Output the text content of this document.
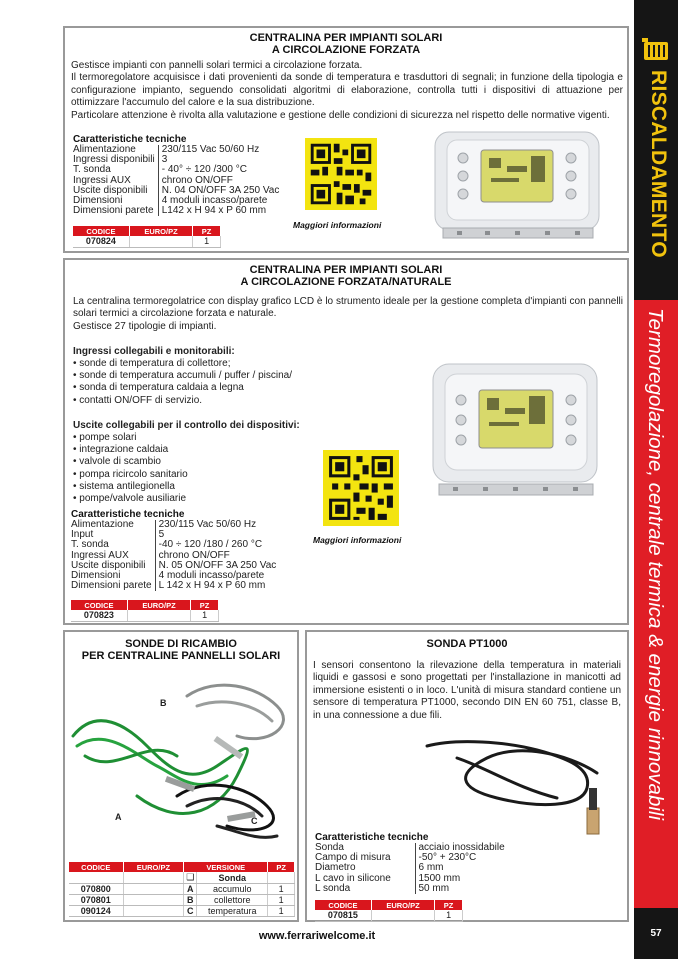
CENTRALINA PER IMPIANTI SOLARI
A CIRCOLAZIONE FORZATA
Gestisce impianti con pannelli solari termici a circolazione forzata.
Il termoregolatore acquisisce i dati provenienti da sonde di temperatura e trasduttori di segnali; in funzione della tipologia e configurazione impianto, seguendo consolidati algoritmi di elaborazione, controlla tutti i dispositivi di attuazione per ottimizzare l'accumulo del calore e la sua distribuzione.
Particolare attenzione è rivolta alla valutazione e gestione delle condizioni di sicurezza nel rispetto delle normative vigenti.
Caratteristiche tecniche
Alimentazione	230/115 Vac 50/60 Hz
Ingressi disponibili	3
T. sonda	- 40° ÷ 120 /300 °C
Ingressi AUX	chrono ON/OFF
Uscite disponibili	N. 04 ON/OFF 3A 250 Vac
Dimensioni	4 moduli incasso/parete
Dimensioni parete	L142 x H 94 x P 60 mm
CODICE	EURO/PZ	PZ
070824		1
Maggiori informazioni
CENTRALINA PER IMPIANTI SOLARI
A CIRCOLAZIONE FORZATA/NATURALE
La centralina termoregolatrice con display grafico LCD è lo strumento ideale per la gestione completa d'impianti con pannelli solari termici a circolazione forzata e naturale.
Gestisce 27 tipologie di impianti.
Ingressi collegabili e monitorabili:
• sonde di temperatura di collettore;
• sonde di temperatura accumuli / puffer / piscina/
• sonda di temperatura caldaia a legna
• contatti ON/OFF di servizio.
Uscite collegabili per il controllo dei dispositivi:
• pompe solari
• integrazione caldaia
• valvole di scambio
• pompa ricircolo sanitario
• sistema antilegionella
• pompe/valvole ausiliarie
Caratteristiche tecniche
Alimentazione	230/115 Vac 50/60 Hz
Input	5
T. sonda	-40 ÷ 120 /180 / 260 °C
Ingressi AUX	chrono ON/OFF
Uscite disponibili	N. 05 ON/OFF 3A 250 Vac
Dimensioni	4 moduli incasso/parete
Dimensioni parete	L 142 x H 94 x P 60 mm
CODICE	EURO/PZ	PZ
070823		1
Maggiori informazioni
SONDE DI RICAMBIO
PER CENTRALINE PANNELLI SOLARI
B
A	C
CODICE	EURO/PZ	VERSIONE		PZ
		❑	Sonda	
070800		A	accumulo	1
070801		B	collettore	1
090124		C	temperatura	1
SONDA PT1000
I sensori consentono la rilevazione della temperatura in materiali liquidi e gassosi e sono progettati per l'installazione in manicotti ad immersione esistenti o in loco. L'unità di misura standard contiene un sensore di temperatura PT1000, secondo DIN EN 60 751, classe B, in una connessione a due fili.
Caratteristiche tecniche
Sonda	acciaio inossidabile
Campo di misura	-50° + 230°C
Diametro	6 mm
L cavo in silicone	1500 mm
L sonda	50 mm
CODICE	EURO/PZ	PZ
070815		1
www.ferrariwelcome.it
RISCALDAMENTO
Termoregolazione, centrale termica & energie rinnovabili
57
